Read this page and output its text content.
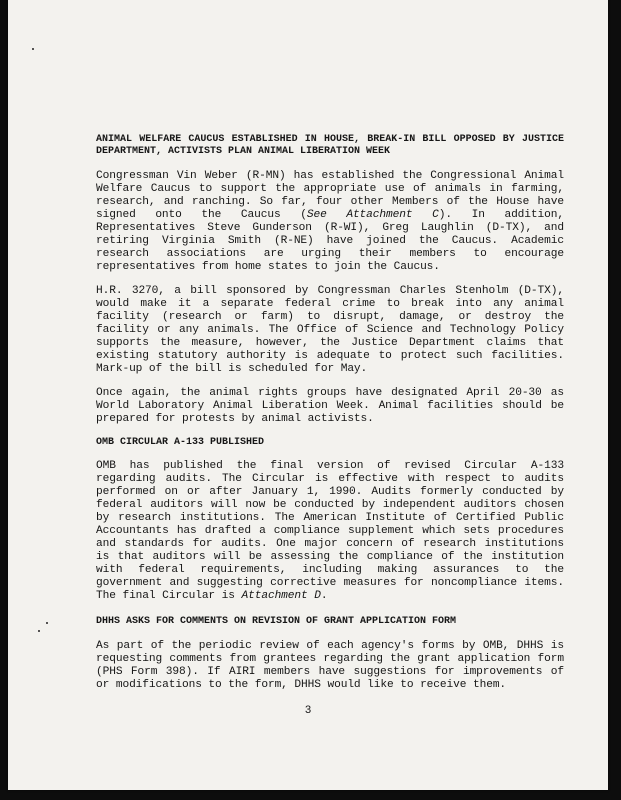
ANIMAL WELFARE CAUCUS ESTABLISHED IN HOUSE, BREAK-IN BILL OPPOSED BY JUSTICE DEPARTMENT, ACTIVISTS PLAN ANIMAL LIBERATION WEEK

Congressman Vin Weber (R-MN) has established the Congressional Animal Welfare Caucus to support the appropriate use of animals in farming, research, and ranching. So far, four other Members of the House have signed onto the Caucus (See Attachment C). In addition, Representatives Steve Gunderson (R-WI), Greg Laughlin (D-TX), and retiring Virginia Smith (R-NE) have joined the Caucus. Academic research associations are urging their members to encourage representatives from home states to join the Caucus.

H.R. 3270, a bill sponsored by Congressman Charles Stenholm (D-TX), would make it a separate federal crime to break into any animal facility (research or farm) to disrupt, damage, or destroy the facility or any animals. The Office of Science and Technology Policy supports the measure, however, the Justice Department claims that existing statutory authority is adequate to protect such facilities. Mark-up of the bill is scheduled for May.

Once again, the animal rights groups have designated April 20-30 as World Laboratory Animal Liberation Week. Animal facilities should be prepared for protests by animal activists.

OMB CIRCULAR A-133 PUBLISHED

OMB has published the final version of revised Circular A-133 regarding audits. The Circular is effective with respect to audits performed on or after January 1, 1990. Audits formerly conducted by federal auditors will now be conducted by independent auditors chosen by research institutions. The American Institute of Certified Public Accountants has drafted a compliance supplement which sets procedures and standards for audits. One major concern of research institutions is that auditors will be assessing the compliance of the institution with federal requirements, including making assurances to the government and suggesting corrective measures for noncompliance items. The final Circular is Attachment D.

DHHS ASKS FOR COMMENTS ON REVISION OF GRANT APPLICATION FORM

As part of the periodic review of each agency's forms by OMB, DHHS is requesting comments from grantees regarding the grant application form (PHS Form 398). If AIRI members have suggestions for improvements of or modifications to the form, DHHS would like to receive them.

3
